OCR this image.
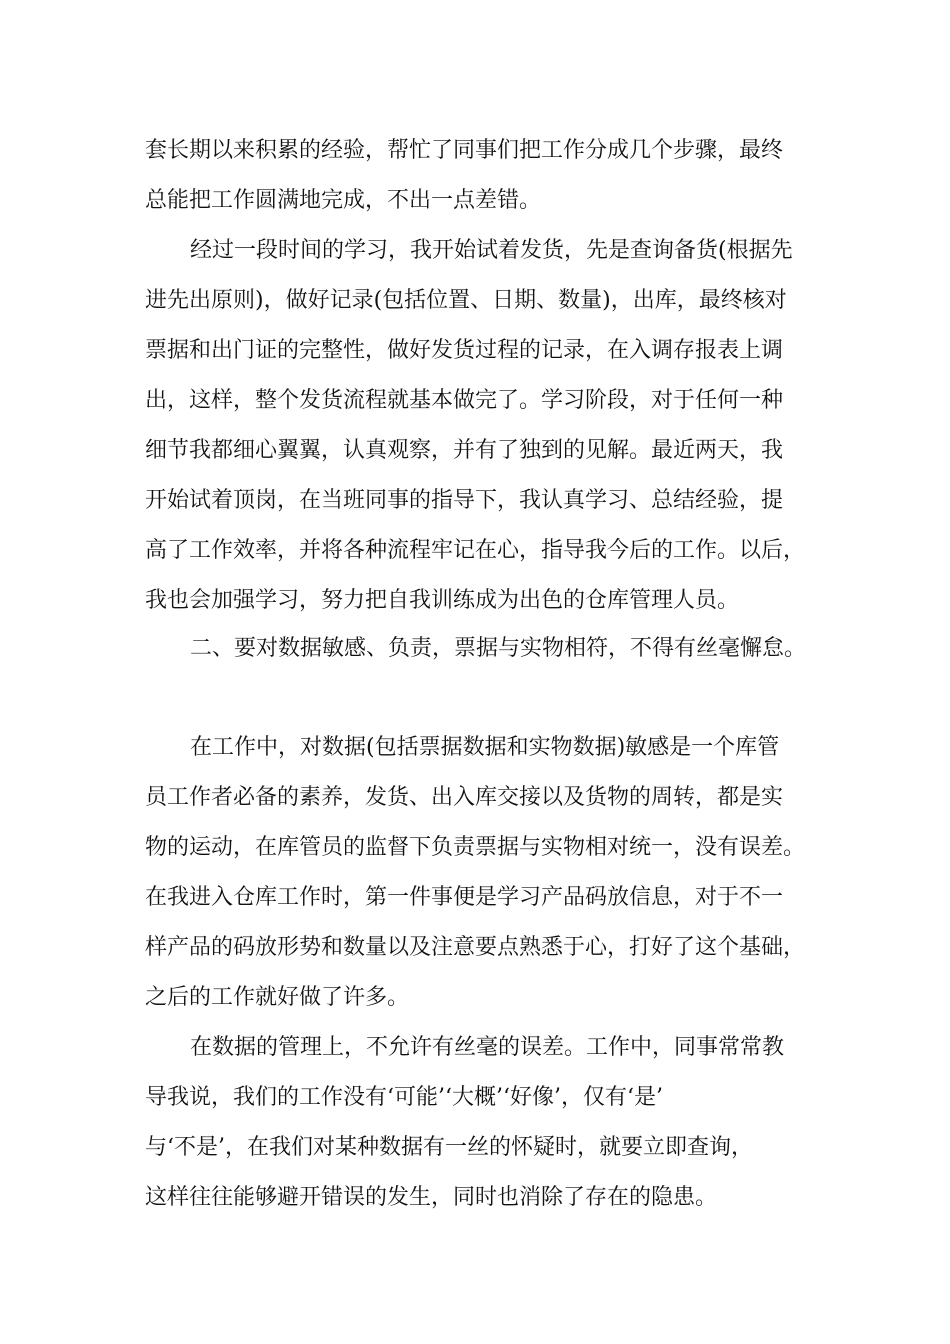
套长期以来积累的经验，帮忙了同事们把工作分成几个步骤，最终
总能把工作圆满地完成，不出一点差错。
经过一段时间的学习，我开始试着发货，先是查询备货(根据先
进先出原则)，做好记录(包括位置、日期、数量)，出库，最终核对
票据和出门证的完整性，做好发货过程的记录，在入调存报表上调
出，这样，整个发货流程就基本做完了。学习阶段，对于任何一种
细节我都细心翼翼，认真观察，并有了独到的见解。最近两天，我
开始试着顶岗，在当班同事的指导下，我认真学习、总结经验，提
高了工作效率，并将各种流程牢记在心，指导我今后的工作。以后，
我也会加强学习，努力把自我训练成为出色的仓库管理人员。
二、要对数据敏感、负责，票据与实物相符，不得有丝毫懈怠。
在工作中，对数据(包括票据数据和实物数据)敏感是一个库管
员工作者必备的素养，发货、出入库交接以及货物的周转，都是实
物的运动，在库管员的监督下负责票据与实物相对统一，没有误差。
在我进入仓库工作时，第一件事便是学习产品码放信息，对于不一
样产品的码放形势和数量以及注意要点熟悉于心，打好了这个基础，
之后的工作就好做了许多。
在数据的管理上，不允许有丝毫的误差。工作中，同事常常教
导我说，我们的工作没有‘可能’‘大概’‘好像’，仅有‘是’
与‘不是’，在我们对某种数据有一丝的怀疑时，就要立即查询，
这样往往能够避开错误的发生，同时也消除了存在的隐患。
